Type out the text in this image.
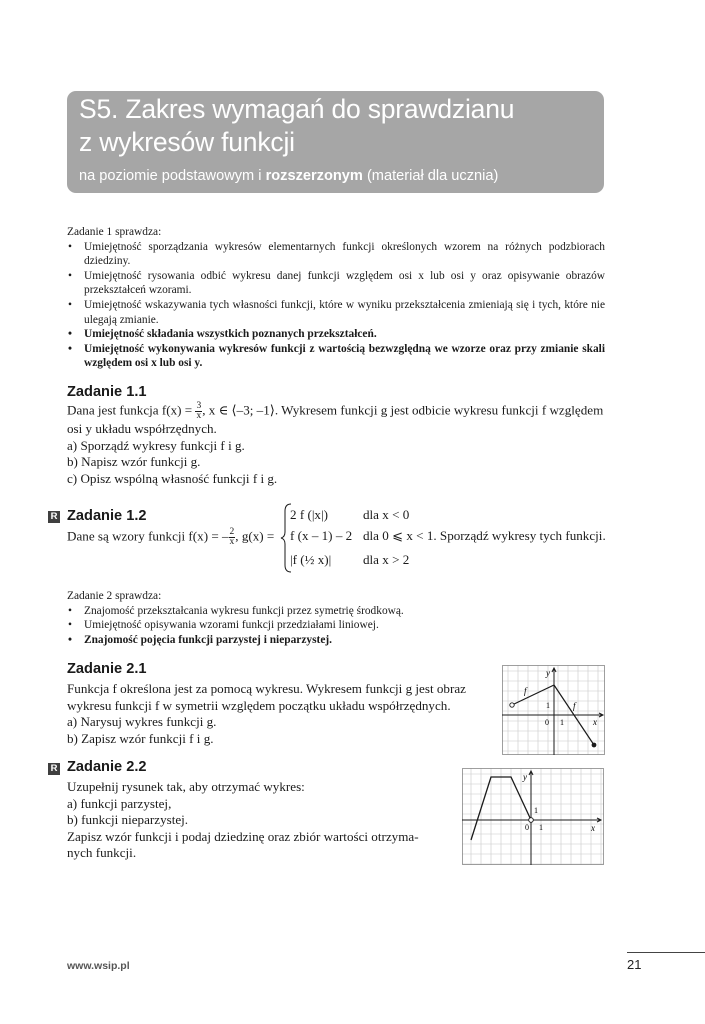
S5. Zakres wymagań do sprawdzianu
z wykresów funkcji
na poziomie podstawowym i rozszerzonym (materiał dla ucznia)
Zadanie 1 sprawdza:
• Umiejętność sporządzania wykresów elementarnych funkcji określonych wzorem na różnych podzbiorach dziedziny.
• Umiejętność rysowania odbić wykresu danej funkcji względem osi x lub osi y oraz opisywanie obrazów przekształceń wzorami.
• Umiejętność wskazywania tych własności funkcji, które w wyniku przekształcenia zmieniają się i tych, które nie ulegają zmianie.
• Umiejętność składania wszystkich poznanych przekształceń.
• Umiejętność wykonywania wykresów funkcji z wartością bezwzględną we wzorze oraz przy zmianie skali względem osi x lub osi y.
Zadanie 1.1

Dana jest funkcja $f(x) = \frac{3}{x}$ , x ∈ ⟨–3; –1⟩. Wykresem funkcji g jest odbicie wykresu funkcji f względem

osi y układu współrzędnych.

a) Sporządź wykresy funkcji f i g.

b) Napisz wzór funkcji g.

c) Opisz wspólną własność funkcji f i g.

R Zadanie 1.2
Dane są wzory funkcji f(x) = – $\frac{2}{x}$ , g(x) =
2 f (|x|)	dla x < 0
f (x – 1) – 2 dla 0 ⩽ x < 1. Sporządź wykresy tych funkcji.
|f (½ x)| dla x > 2
Zadanie 2 sprawdza:
• Znajomość przekształcania wykresu funkcji przez symetrię środkową.
• Umiejętność opisywania wzorami funkcji przedziałami liniowej.
• Znajomość pojęcia funkcji parzystej i nieparzystej.
Zadanie 2.1

Funkcja f określona jest za pomocą wykresu. Wykresem funkcji g jest obraz

wykresu funkcji f w symetrii względem początku układu współrzędnych.

a) Narysuj wykres funkcji g.

b) Zapisz wzór funkcji f i g.

y
x
1
0 1
f
f
R Zadanie 2.2

Uzupełnij rysunek tak, aby otrzymać wykres:

a) funkcji parzystej,

b) funkcji nieparzystej.

Zapisz wzór funkcji i podaj dziedzinę oraz zbiór wartości otrzyma-

nych funkcji.

y
x
1
0 1
www.wsip.pl	21
